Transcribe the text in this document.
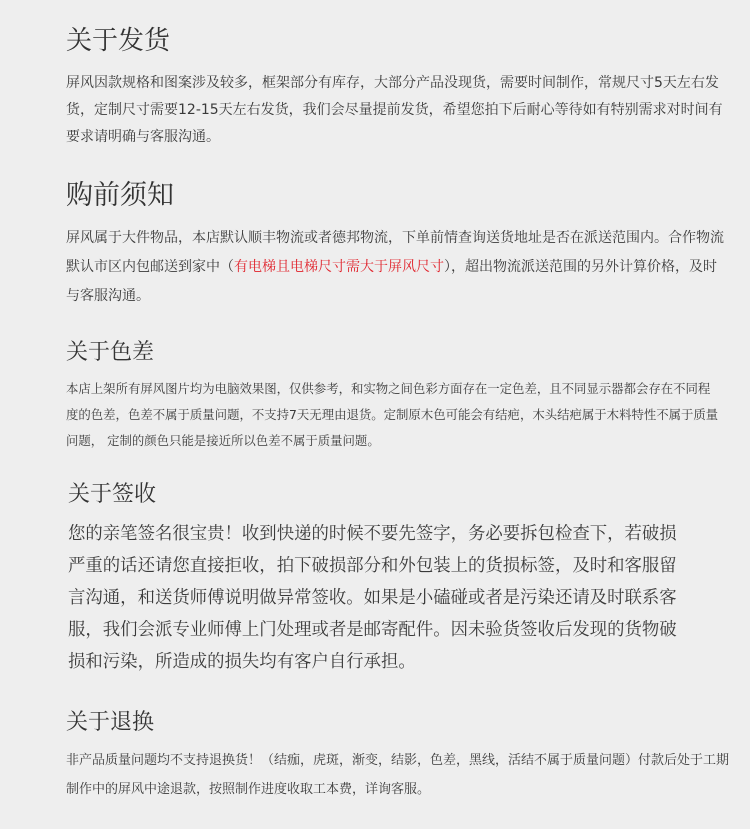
关于发货

屏风因款规格和图案涉及较多，框架部分有库存，大部分产品没现货，需要时间制作，常规尺寸5天左右发货，定制尺寸需要12-15天左右发货，我们会尽量提前发货，希望您拍下后耐心等待如有特别需求对时间有要求请明确与客服沟通。

购前须知

屏风属于大件物品，本店默认顺丰物流或者德邦物流，下单前情查询送货地址是否在派送范围内。合作物流默认市区内包邮送到家中（有电梯且电梯尺寸需大于屏风尺寸），超出物流派送范围的另外计算价格，及时与客服沟通。

关于色差

本店上架所有屏风图片均为电脑效果图，仅供参考，和实物之间色彩方面存在一定色差，且不同显示器都会存在不同程度的色差，色差不属于质量问题，不支持7天无理由退货。定制原木色可能会有结疤，木头结疤属于木料特性不属于质量问题， 定制的颜色只能是接近所以色差不属于质量问题。

关于签收

您的亲笔签名很宝贵！收到快递的时候不要先签字，务必要拆包检查下，若破损严重的话还请您直接拒收，拍下破损部分和外包装上的货损标签，及时和客服留言沟通，和送货师傅说明做异常签收。如果是小磕碰或者是污染还请及时联系客服，我们会派专业师傅上门处理或者是邮寄配件。因未验货签收后发现的货物破损和污染，所造成的损失均有客户自行承担。

关于退换

非产品质量问题均不支持退换货！（结痂，虎斑，渐变，结影，色差，黑线，活结不属于质量问题）付款后处于工期制作中的屏风中途退款，按照制作进度收取工本费，详询客服。
